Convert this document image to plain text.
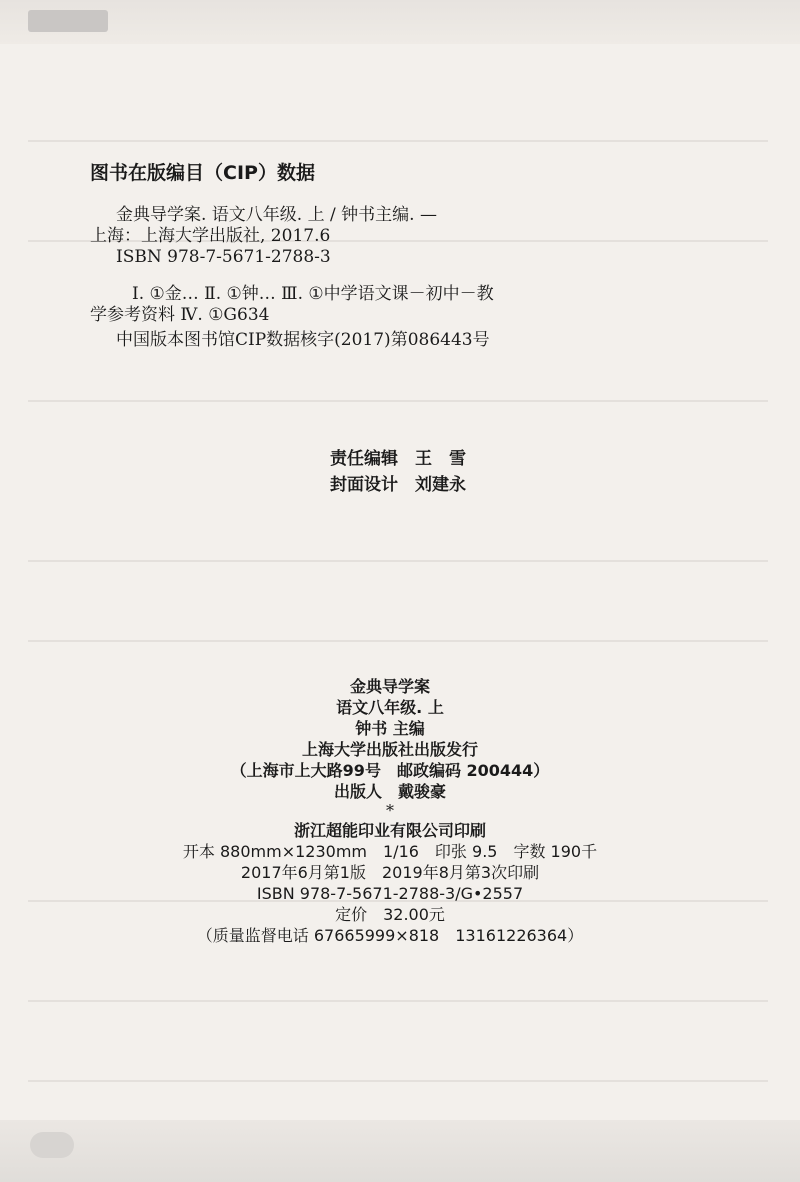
图书在版编目（CIP）数据
金典导学案. 语文八年级. 上 / 钟书主编. —
上海：上海大学出版社, 2017.6
ISBN 978-7-5671-2788-3
Ⅰ. ①金… Ⅱ. ①钟… Ⅲ. ①中学语文课－初中－教
学参考资料 Ⅳ. ①G634
中国版本图书馆CIP数据核字(2017)第086443号
责任编辑　王　雪
封面设计　刘建永
金典导学案
语文八年级. 上
钟书 主编
上海大学出版社出版发行
（上海市上大路99号　邮政编码 200444）
出版人　戴骏豪
*
浙江超能印业有限公司印刷
开本 880mm×1230mm　1/16　印张 9.5　字数 190千
2017年6月第1版　2019年8月第3次印刷
ISBN 978-7-5671-2788-3/G•2557
定价　32.00元
（质量监督电话 67665999×818　13161226364）
